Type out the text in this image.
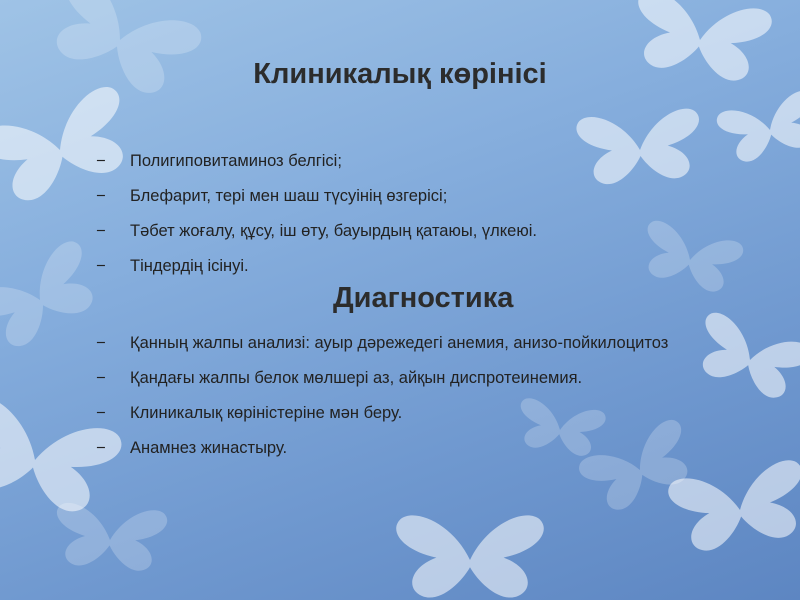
Клиникалық көрінісі
− Полигиповитаминоз белгісі;
− Блефарит, тері мен шаш түсуінің өзгерісі;
− Тәбет жоғалу, құсу, іш өту, бауырдың қатаюы, үлкеюі.
− Тіндердің ісінуі.
Диагностика
− Қанның жалпы анализі: ауыр дәрежедегі анемия, анизо-пойкилоцитоз
− Қандағы жалпы белок мөлшері аз, айқын диспротеинемия.
− Клиникалық көріністеріне мән беру.
− Анамнез жинастыру.
